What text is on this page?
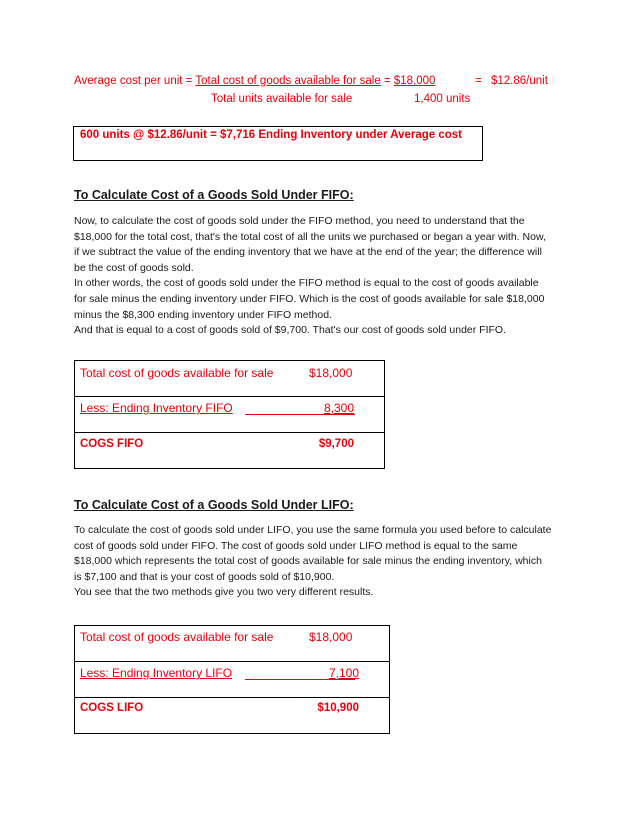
Average cost per unit = Total cost of goods available for sale = $18,000	= $12.86/unit
Total units available for sale	1,400 units
600 units @ $12.86/unit = $7,716 Ending Inventory under Average cost
To Calculate Cost of a Goods Sold Under FIFO:

Now, to calculate the cost of goods sold under the FIFO method, you need to understand that the $18,000 for the total cost, that's the total cost of all the units we purchased or began a year with. Now, if we subtract the value of the ending inventory that we have at the end of the year; the difference will be the cost of goods sold.

In other words, the cost of goods sold under the FIFO method is equal to the cost of goods available for sale minus the ending inventory under FIFO. Which is the cost of goods available for sale $18,000 minus the $8,300 ending inventory under FIFO method.

And that is equal to a cost of goods sold of $9,700. That's our cost of goods sold under FIFO.

Total cost of goods available for sale	$18,000
Less: Ending Inventory FIFO	8,300
COGS FIFO	$9,700
To Calculate Cost of a Goods Sold Under LIFO:

To calculate the cost of goods sold under LIFO, you use the same formula you used before to calculate cost of goods sold under FIFO. The cost of goods sold under LIFO method is equal to the same $18,000 which represents the total cost of goods available for sale minus the ending inventory, which is $7,100 and that is your cost of goods sold of $10,900.

You see that the two methods give you two very different results.

Total cost of goods available for sale	$18,000
Less: Ending Inventory LIFO	7,100
COGS LIFO	$10,900
